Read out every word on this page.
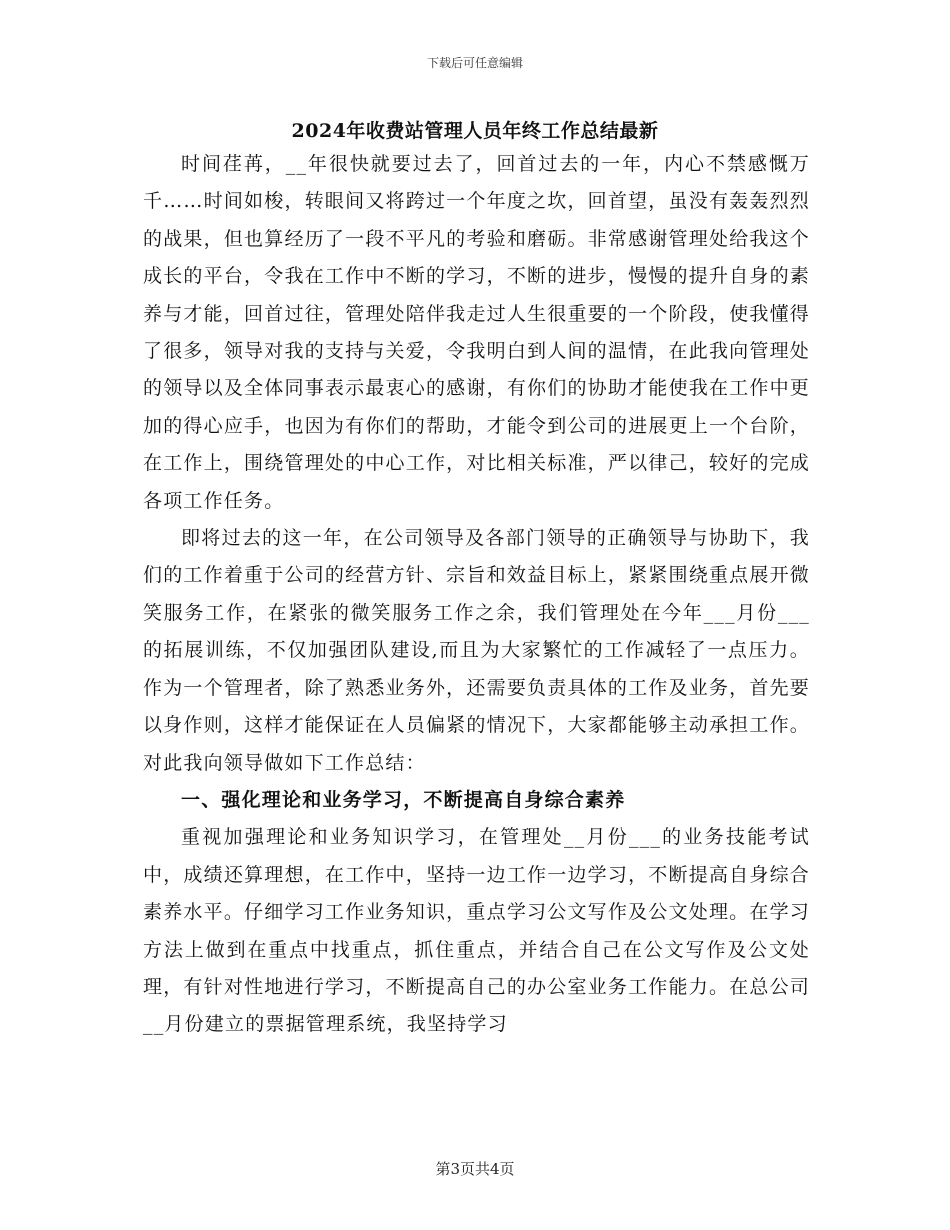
下载后可任意编辑
2024年收费站管理人员年终工作总结最新

时间荏苒，__年很快就要过去了，回首过去的一年，内心不禁感慨万千……时间如梭，转眼间又将跨过一个年度之坎，回首望，虽没有轰轰烈烈的战果，但也算经历了一段不平凡的考验和磨砺。非常感谢管理处给我这个成长的平台，令我在工作中不断的学习，不断的进步，慢慢的提升自身的素养与才能，回首过往，管理处陪伴我走过人生很重要的一个阶段，使我懂得了很多，领导对我的支持与关爱，令我明白到人间的温情，在此我向管理处的领导以及全体同事表示最衷心的感谢，有你们的协助才能使我在工作中更加的得心应手，也因为有你们的帮助，才能令到公司的进展更上一个台阶，在工作上，围绕管理处的中心工作，对比相关标准，严以律己，较好的完成各项工作任务。

即将过去的这一年，在公司领导及各部门领导的正确领导与协助下，我们的工作着重于公司的经营方针、宗旨和效益目标上，紧紧围绕重点展开微笑服务工作，在紧张的微笑服务工作之余，我们管理处在今年___月份___的拓展训练，不仅加强团队建设,而且为大家繁忙的工作减轻了一点压力。作为一个管理者，除了熟悉业务外，还需要负责具体的工作及业务，首先要以身作则，这样才能保证在人员偏紧的情况下，大家都能够主动承担工作。对此我向领导做如下工作总结：

一、强化理论和业务学习，不断提高自身综合素养

重视加强理论和业务知识学习，在管理处__月份___的业务技能考试中，成绩还算理想，在工作中，坚持一边工作一边学习，不断提高自身综合素养水平。仔细学习工作业务知识，重点学习公文写作及公文处理。在学习方法上做到在重点中找重点，抓住重点，并结合自己在公文写作及公文处理，有针对性地进行学习，不断提高自己的办公室业务工作能力。在总公司__月份建立的票据管理系统，我坚持学习

第3页共4页
